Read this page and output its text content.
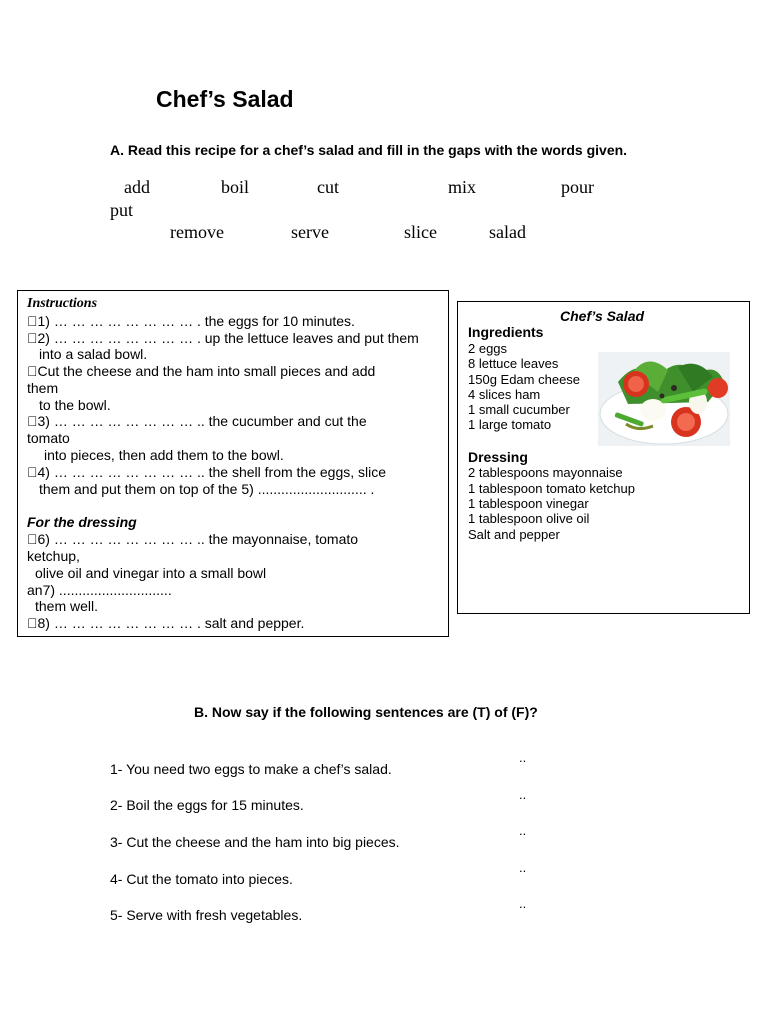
Chef’s Salad
A. Read this recipe for a chef’s salad and fill in the gaps with the words given.
add	boil	cut	mix	pour
put
remove	serve	slice	salad
Instructions
1) … … … … … … … … . the eggs for 10 minutes.
2) … … … … … … … … . up the lettuce leaves and put them
into a salad bowl.
Cut the cheese and the ham into small pieces and add
them
to the bowl.
3) … … … … … … … … .. the cucumber and cut the
tomato
into pieces, then add them to the bowl.
4) … … … … … … … … .. the shell from the eggs, slice
them and put them on top of the 5) ............................ .
For the dressing
6) … … … … … … … … .. the mayonnaise, tomato
ketchup,
olive oil and vinegar into a small bowl
an7) .............................
them well.
8) … … … … … … … … . salt and pepper.
Chef’s Salad
Ingredients
2 eggs
8 lettuce leaves
150g Edam cheese
4 slices ham
1 small cucumber
1 large tomato
Dressing
2 tablespoons mayonnaise
1 tablespoon tomato ketchup
1 tablespoon vinegar
1 tablespoon olive oil
Salt and pepper
B. Now say if the following sentences are (T) of (F)?
1- You need two eggs to make a chef’s salad.
2- Boil the eggs for 15 minutes.
3- Cut the cheese and the ham into big pieces.
4- Cut the tomato into pieces.
5- Serve with fresh vegetables.
..
..
..
..
..
